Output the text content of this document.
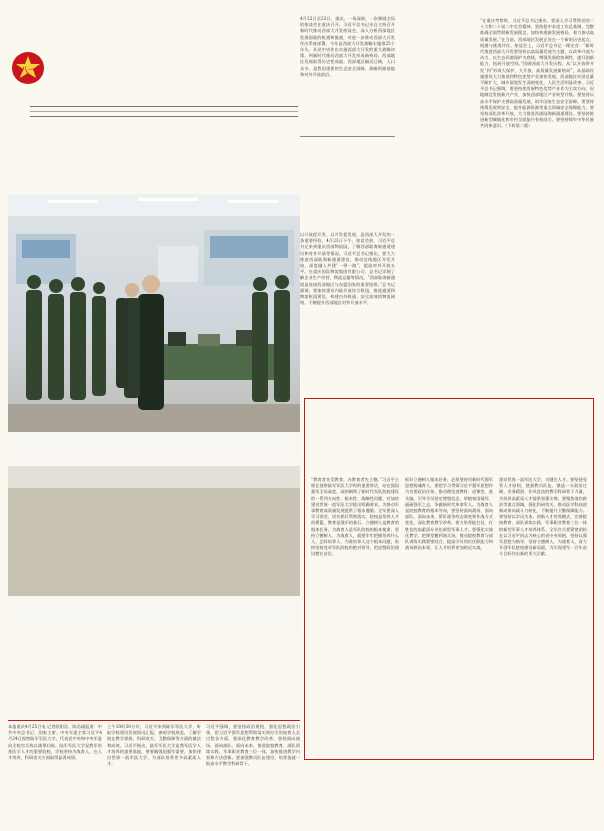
八一
4月22日至23日，重庆。一场深刻、一次擘画全局的座谈会在重庆召开。习近平总书记亲自主持召开新时代推动西部大开发座谈会，深入分析西部地区发展面临的机遇和挑战，对进一步推动西部大开发作出系统部署。今年是西部大开发战略实施第25个年头。从党中央作出实施西部大开发的重大战略决策，到新时代推动西部大开发形成新格局，西部地区发展取得历史性成就。西部地区幅员辽阔，人口众多，是我国重要的生态安全屏障、战略资源基地和对外开放前沿。
“在重庆考察时，习近平总书记指出，要深入学习贯彻党的二十大和二十届二中全会精神，坚持稳中求进工作总基调，完整准确全面贯彻新发展理念，加快构建新发展格局，着力推动高质量发展。”在当前，西部地区发展正处在一个新的历史起点，机遇与挑战并存。座谈会上，习近平总书记一锤定音：“新时代推进西部大开发要坚持以高质量发展为主题，以改革开放为动力，以生态环境保护为底线，增强发展的协调性，提升创新能力，拓展开放空间。”回顾西部大开发历程，从“以开放带开发”到“形成大保护、大开放、高质量发展新格局”，从基础设施建设大力推进到特色优势产业加快发展，西部地区经济总量不断扩大，城乡面貌发生深刻变化，人民生活明显改善。习近平总书记强调，要坚持把发展特色优势产业作为主攻方向，因地制宜发展新兴产业，加快西部地区产业转型升级。要坚持以高水平保护支撑高质量发展，筑牢国家生态安全屏障。要坚持统筹发展和安全，提升能源资源等重点领域安全保障能力。要坚持深化改革开放，大力推进西部陆海新通道建设。要坚持推进新型城镇化和乡村全面振兴有机结合。要坚持铸牢中华民族共同体意识。（下转第二版）
以开放促开发、以开发促发展，是西部大开发的一条重要经验。4月23日下午，座谈会前，习近平总书记来到重庆西部物流园，了解西部陆海新通道建设和对外开放等情况。习近平总书记指出，要大力推进西部陆海新通道建设，推动沿线地区开发开放，深度融入共建“一带一路”，提高对外开放水平。在重庆国际物流集团有限公司，总书记详细了解企业生产经营、物流运输等情况。“西部陆海新通道是连接西部地区与东盟国家的重要纽带。”总书记强调，要加快建设内陆开放综合枢纽，推进通道和物流枢纽建设，构建内外联通、安全高效的物流网络，不断提升西部地区对外开放水平。
“教育者先受教育，办教育者先立德。”习近平主席在视察陆军军医大学时的重要讲话，站在强国强军全局高度，深刻阐明了新时代军队院校建设的一系列方向性、根本性、战略性问题，对加快建设世界一流军医大学提出明确要求，为推动军事教育高质量发展提供了根本遵循。全军要深入学习领会，切实抓好贯彻落实。院校是培养人才的摇篮，教育是强军的基石。立德树人是教育的根本任务，为战育人是军队院校的根本使命。坚持立德树人、为战育人，就要牢牢把握培养什么人、怎样培养人、为谁培养人这个根本问题，始终坚持党对军队院校的绝对领导，把思想政治建设摆在首位。
抓好立德树人根本任务，必须坚持用新时代强军思想铸魂育人。要把学习贯彻习近平强军思想作为首要政治任务，推动理论进教材、进课堂、进头脑，引导学员坚定理想信念、厚植家国情怀、砥砺强军之志，争做新时代革命军人。为战育人是院校教育的根本导向，要坚持面向战场、面向部队、面向未来，紧盯战争形态演变和作战方式变化，深化教育教学改革，着力培养能打仗、打胜仗的高素质专业化新型军事人才。要强化实战化教学，把课堂搬到演兵场，推动院校教育与部队训练实践紧密结合，提高学员岗位任职能力和战场救治本领，让人才培养更加贴近实战。
建设世界一流军医大学，关键在人才。要坚持党管人才原则，建强教员队伍，锻造一支政治过硬、业务精湛、作风优良的教学科研骨干力量，为培养高素质人才提供坚强支撑。要聚焦战伤救治等重点领域，强化科研攻关，推动医学科技创新成果向战斗力转化，不断提升卫勤保障能力。要坚持以学员为本，创新人才培养模式，完善院校教育、部队训练实践、军事职业教育三位一体的新型军事人才培养体系。全军官兵要紧密团结在以习近平同志为核心的党中央周围，坚持以强军思想为指导，坚持立德树人、为战育人，奋力开创军队院校建设新局面，为实现建军一百年奋斗目标作出新的更大贡献。
本报重庆4月25日电 记者欧阳浩、陈浩瑜报道：中共中央总书记、国家主席、中央军委主席习近平4月24日视察陆军军医大学，代表党中央和中央军委向全校官兵致以诚挚问候。陆军军医大学是我军培养医学人才的重要院校，学校坚持为战育人，在人才培养、科研攻关方面取得显著成绩。
上午10时30分许，习近平来到陆军军医大学，听取学校建设发展情况汇报，参观学校展览，了解学校在教学训练、科研攻关、卫勤保障等方面的做法和成效。习近平指出，陆军军医大学是我军医学人才培养的重要基地，要着眼强国强军需要，加快建设世界一流军医大学，为部队培养更多高素质人才。
习近平强调，要坚持政治建校，强化思想政治引领，把习近平强军思想贯彻落实到办学治校育人全过程各方面。要深化教育教学改革，坚持面向战场、面向部队、面向未来，推进院校教育、部队训练实践、军事职业教育三位一体，加快推进教学内容和方法创新。要加强教员队伍建设，培养造就一批高水平教学科研骨干。
